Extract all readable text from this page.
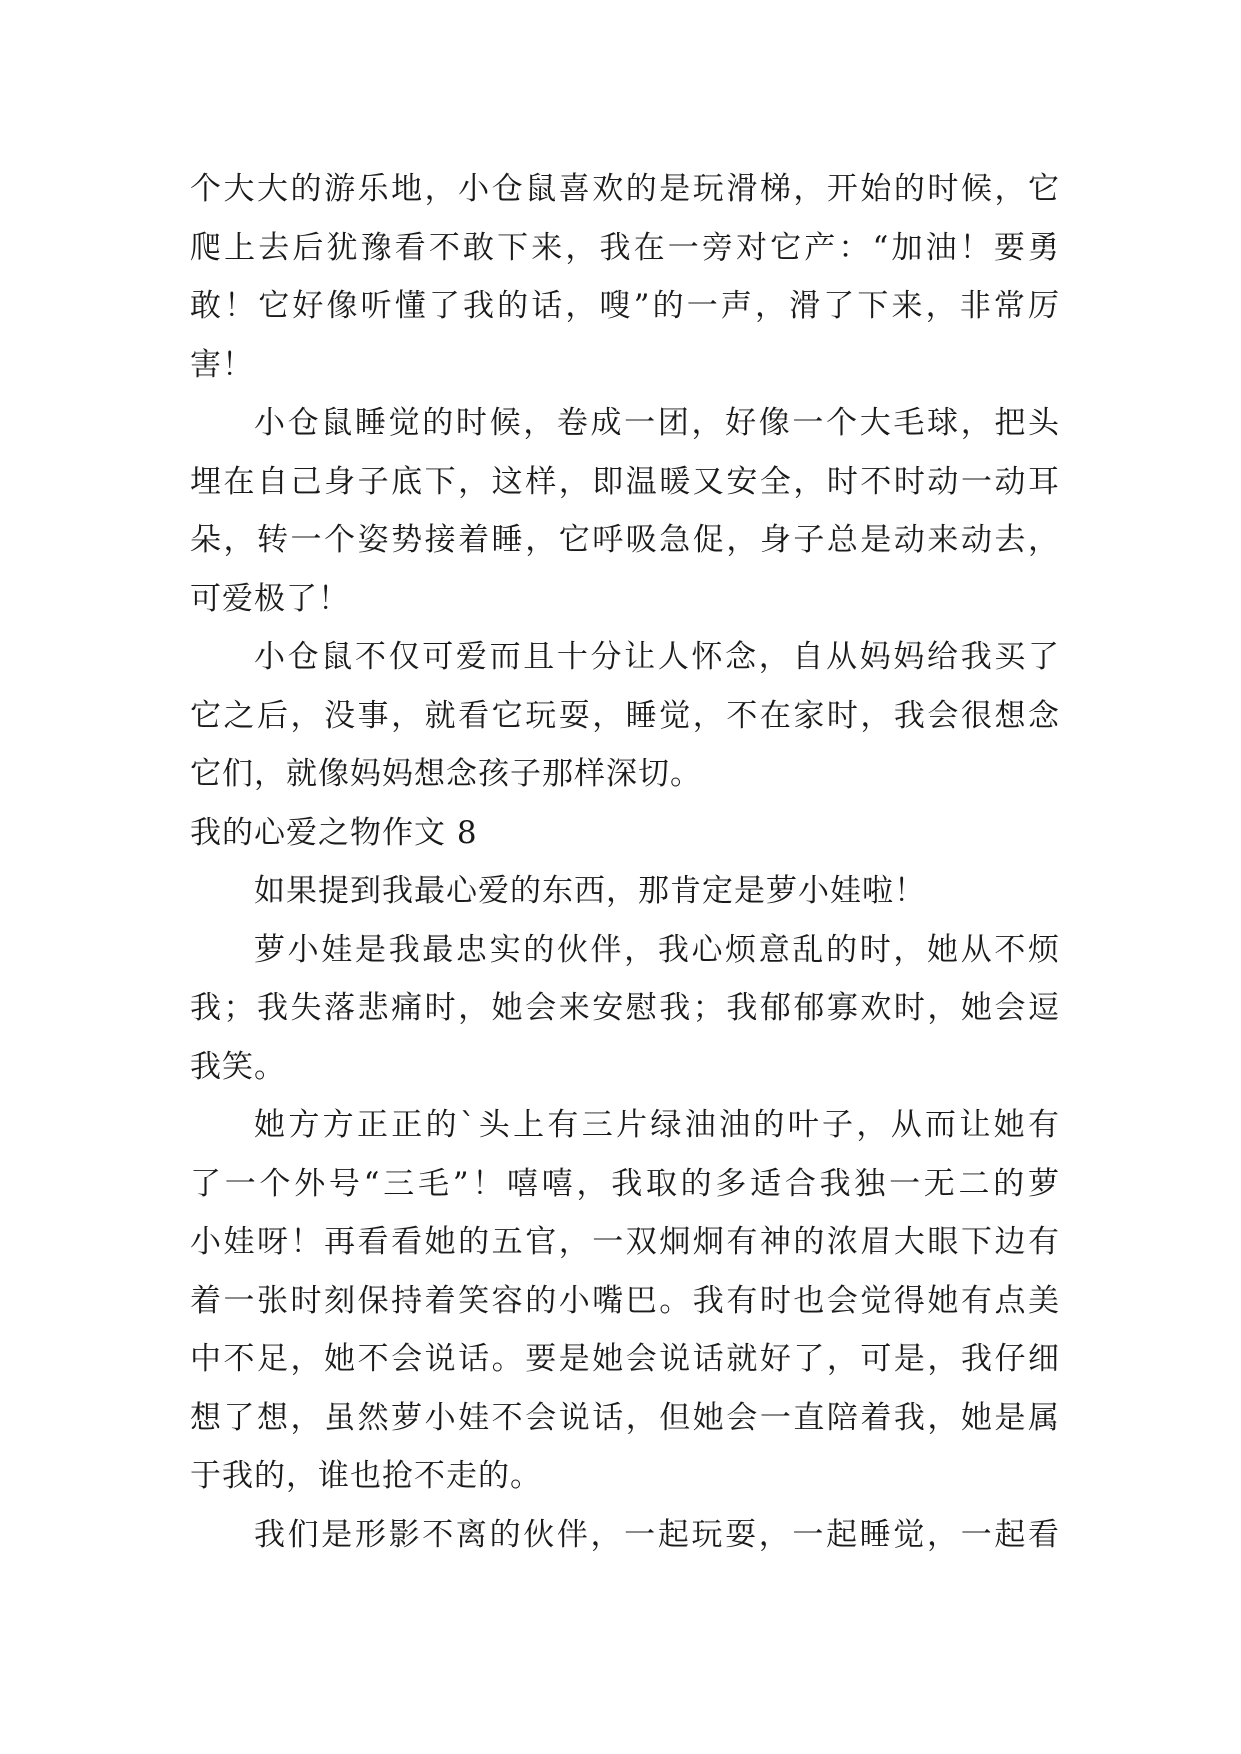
个大大的游乐地，小仓鼠喜欢的是玩滑梯，开始的时候，它
爬上去后犹豫看不敢下来，我在一旁对它产：“加油！要勇
敢！它好像听懂了我的话，嗖”的一声，滑了下来，非常厉
害！
小仓鼠睡觉的时候，卷成一团，好像一个大毛球，把头
埋在自己身子底下，这样，即温暖又安全，时不时动一动耳
朵，转一个姿势接着睡，它呼吸急促，身子总是动来动去，
可爱极了！
小仓鼠不仅可爱而且十分让人怀念，自从妈妈给我买了
它之后，没事，就看它玩耍，睡觉，不在家时，我会很想念
它们，就像妈妈想念孩子那样深切。
我的心爱之物作文 8
如果提到我最心爱的东西，那肯定是萝小娃啦！
萝小娃是我最忠实的伙伴，我心烦意乱的时，她从不烦
我；我失落悲痛时，她会来安慰我；我郁郁寡欢时，她会逗
我笑。
她方方正正的`头上有三片绿油油的叶子，从而让她有
了一个外号“三毛”！嘻嘻，我取的多适合我独一无二的萝
小娃呀！再看看她的五官，一双炯炯有神的浓眉大眼下边有
着一张时刻保持着笑容的小嘴巴。我有时也会觉得她有点美
中不足，她不会说话。要是她会说话就好了，可是，我仔细
想了想，虽然萝小娃不会说话，但她会一直陪着我，她是属
于我的，谁也抢不走的。
我们是形影不离的伙伴，一起玩耍，一起睡觉，一起看
